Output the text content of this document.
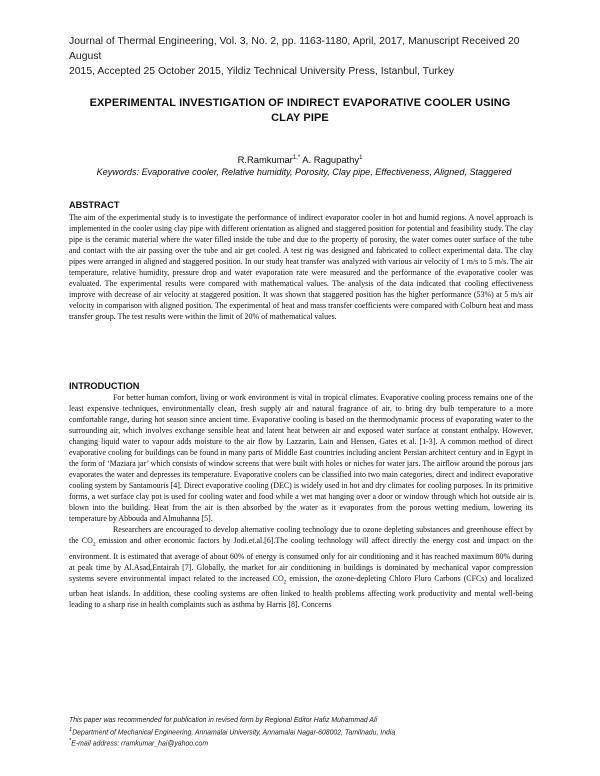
Journal of Thermal Engineering, Vol. 3, No. 2, pp. 1163-1180, April, 2017, Manuscript Received 20 August
2015, Accepted 25 October 2015, Yildiz Technical University Press, Istanbul, Turkey
EXPERIMENTAL INVESTIGATION OF INDIRECT EVAPORATIVE COOLER USING
CLAY PIPE
R.Ramkumar$^{1,*}$ A. Ragupathy$^1$
Keywords: Evaporative cooler, Relative humidity, Porosity, Clay pipe, Effectiveness, Aligned, Staggered
ABSTRACT

The aim of the experimental study is to investigate the performance of indirect evaporator cooler in hot and humid regions. A novel approach is implemented in the cooler using clay pipe with different orientation as aligned and staggered position for potential and feasibility study. The clay pipe is the ceramic material where the water filled inside the tube and due to the property of porosity, the water comes outer surface of the tube and contact with the air passing over the tube and air get cooled. A test rig was designed and fabricated to collect experimental data. The clay pipes were arranged in aligned and staggered position. In our study heat transfer was analyzed with various air velocity of 1 m/s to 5 m/s. The air temperature, relative humidity, pressure drop and water evaporation rate were measured and the performance of the evaporative cooler was evaluated. The experimental results were compared with mathematical values. The analysis of the data indicated that cooling effectiveness improve with decrease of air velocity at staggered position. It was shown that staggered position has the higher performance (53%) at 5 m/s air velocity in comparison with aligned position. The experimental of heat and mass transfer coefficients were compared with Colburn heat and mass transfer group. The test results were within the limit of 20% of mathematical values.

INTRODUCTION

For better human comfort, living or work environment is vital in tropical climates. Evaporative cooling process remains one of the least expensive techniques, environmentally clean, fresh supply air and natural fragrance of air, to bring dry bulb temperature to a more comfortable range, during hot season since ancient time. Evaporative cooling is based on the thermodynamic process of evaporating water to the surrounding air, which involves exchange sensible heat and latent heat between air and exposed water surface at constant enthalpy. However, changing liquid water to vapour adds moisture to the air flow by Lazzarin, Lain and Hensen, Gates et al. [1-3]. A common method of direct evaporative cooling for buildings can be found in many parts of Middle East countries including ancient Persian architect century and in Egypt in the form of ‘Maziara jar’ which consists of window screens that were built with holes or niches for water jars. The airflow around the porous jars evaporates the water and depresses its temperature. Evaporative coolers can be classified into two main categories, direct and indirect evaporative cooling system by Santamouris [4]. Direct evaporative cooling (DEC) is widely used in hot and dry climates for cooling purposes. In its primitive forms, a wet surface clay pot is used for cooling water and food while a wet mat hanging over a door or window through which hot outside air is blown into the building. Heat from the air is then absorbed by the water as it evaporates from the porous wetting medium, lowering its temperature by Abbouda and Almuhanna [5].

Researchers are encouraged to develop alternative cooling technology due to ozone depleting substances and greenhouse effect by the $CO_2$ emission and other economic factors by Jodi.et.al.[6].The cooling technology will affect directly the energy cost and impact on the environment. It is estimated that average of about 60% of energy is consumed only for air conditioning and it has reached maximum 80% during at peak time by Al.Asad,Entairah [7]. Globally, the market for air conditioning in buildings is dominated by mechanical vapor compression systems severe environmental impact related to the increased $CO_2$ emission, the ozone-depleting Chloro Fluro Carbons (CFCs) and localized urban heat islands. In addition, these cooling systems are often linked to health problems affecting work productivity and mental well-being leading to a sharp rise in health complaints such as asthma by Harris [8]. Concerns

This paper was recommended for publication in revised form by Regional Editor Hafiz Muhammad Ali
$^1$Department of Mechanical Engineering, Annamalai University, Annamalai Nagar-608002, Tamilnadu, India
*E-mail address: rramkumar_hai@yahoo.com
